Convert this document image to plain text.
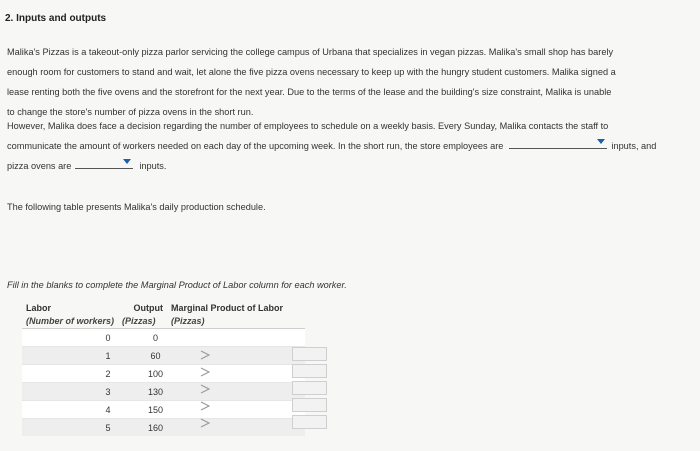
2. Inputs and outputs
Malika's Pizzas is a takeout-only pizza parlor servicing the college campus of Urbana that specializes in vegan pizzas. Malika's small shop has barely
enough room for customers to stand and wait, let alone the five pizza ovens necessary to keep up with the hungry student customers. Malika signed a
lease renting both the five ovens and the storefront for the next year. Due to the terms of the lease and the building's size constraint, Malika is unable
to change the store's number of pizza ovens in the short run.
However, Malika does face a decision regarding the number of employees to schedule on a weekly basis. Every Sunday, Malika contacts the staff to
communicate the amount of workers needed on each day of the upcoming week. In the short run, the store employees are	inputs, and
pizza ovens are	inputs.
The following table presents Malika's daily production schedule.
Fill in the blanks to complete the Marginal Product of Labor column for each worker.
Labor	Output	Marginal Product of Labor
(Number of workers)	(Pizzas)	(Pizzas)
0	0	
1	60	
2	100	
3	130	
4	150	
5	160	
